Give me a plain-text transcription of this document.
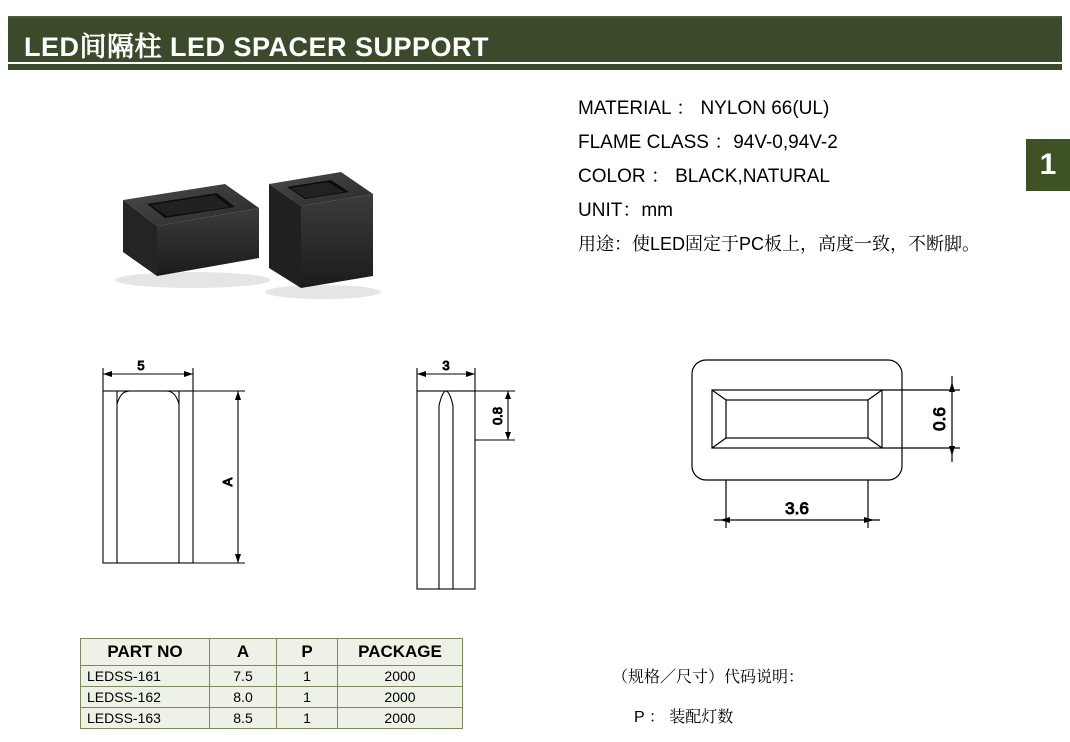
LED间隔柱 LED SPACER SUPPORT
1
MATERIAL ： NYLON 66(UL)
FLAME CLASS ：94V-0,94V-2
COLOR ： BLACK,NATURAL
UNIT：mm
用途：使LED固定于PC板上，高度一致，不断脚。
5
A
3
0.8	0.6
3.6
PART NO	A	P	PACKAGE
LEDSS-161	7.5	1	2000
LEDSS-162	8.0	1	2000
LEDSS-163	8.5	1	2000
（规格／尺寸）代码说明：
P ： 装配灯数
